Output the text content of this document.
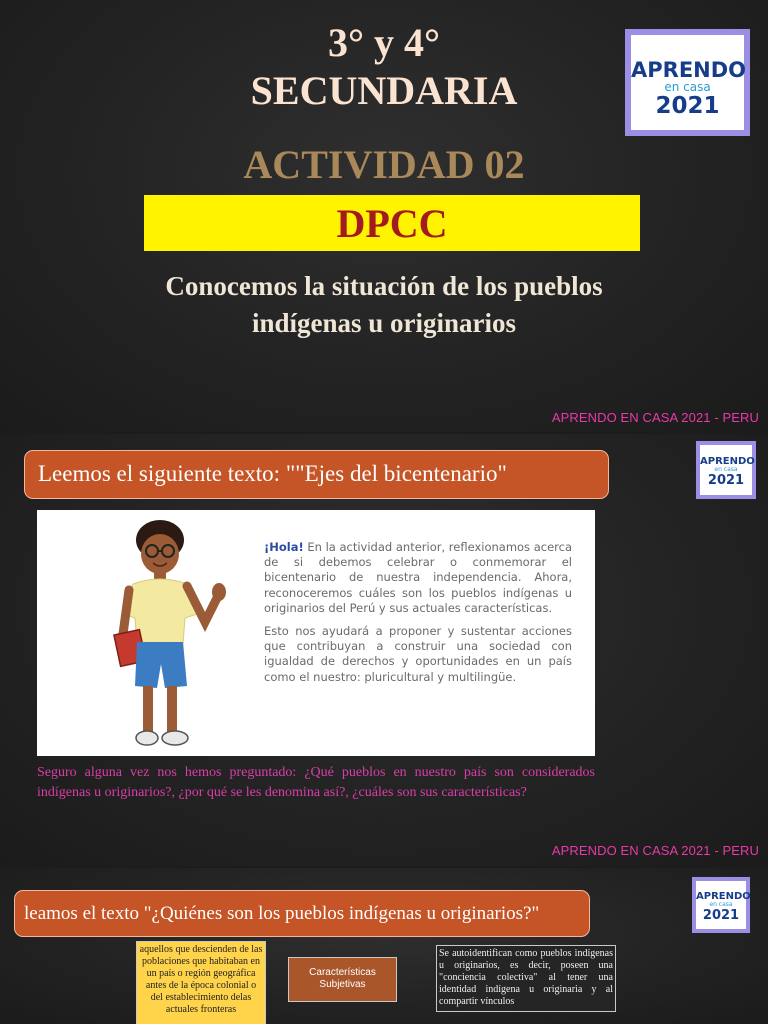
3° y 4°
SECUNDARIA
ACTIVIDAD 02
DPCC
Conocemos la situación de los pueblos
indígenas u originarios
APRENDO
en casa
2021
APRENDO EN CASA 2021 - PERU
Leemos el siguiente texto: ""Ejes del bicentenario"	APRENDO
en casa
2021

¡Hola! En la actividad anterior, reflexionamos acerca de si debemos celebrar o conmemorar el bicentenario de nuestra independencia. Ahora, reconoceremos cuáles son los pueblos indígenas u originarios del Perú y sus actuales características.

Esto nos ayudará a proponer y sustentar acciones que contribuyan a construir una sociedad con igualdad de derechos y oportunidades en un país como el nuestro: pluricultural y multilingüe.

Seguro alguna vez nos hemos preguntado: ¿Qué pueblos en nuestro país son considerados indígenas u originarios?, ¿por qué se les denomina así?, ¿cuáles son sus características?
APRENDO EN CASA 2021 - PERU
leamos el texto "¿Quiénes son los pueblos indígenas u originarios?"
APRENDO
en casa
2021
aquellos que descienden de las poblaciones que habitaban en un país o región geográfica antes de la época colonial o del establecimiento delas actuales fronteras
Características Subjetivas
Se autoidentifican como pueblos indígenas u originarios, es decir, poseen una "conciencia colectiva" al tener una identidad indígena u originaria y al compartir vínculos
